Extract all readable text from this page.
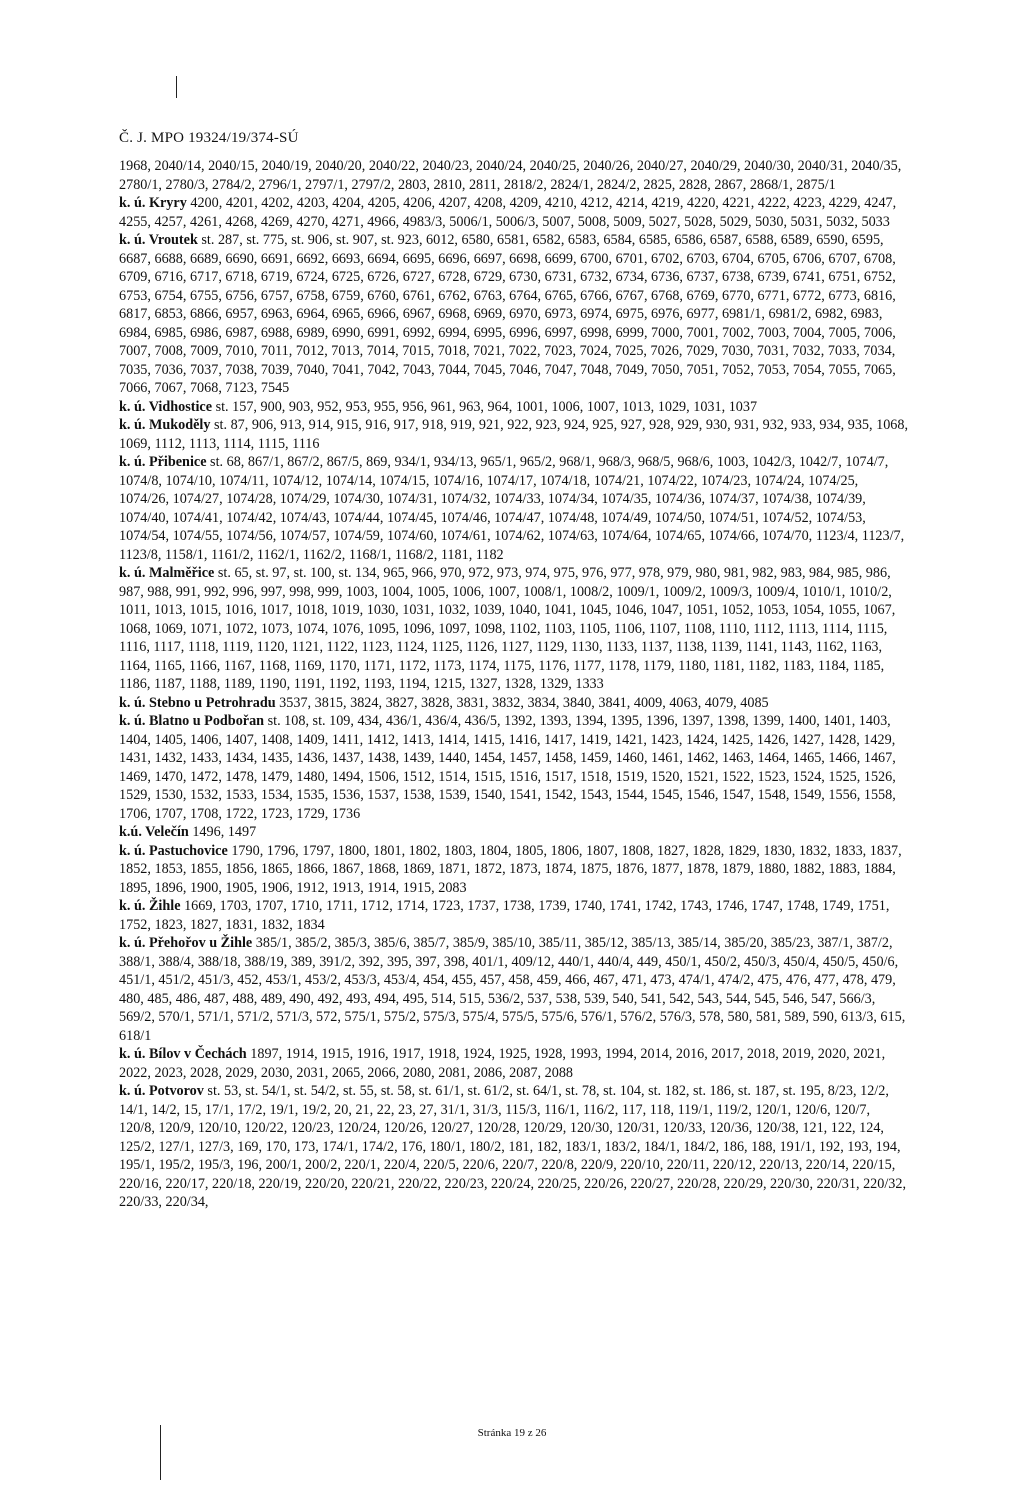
Č. J. MPO 19324/19/374-SÚ

1968, 2040/14, 2040/15, 2040/19, 2040/20, 2040/22, 2040/23, 2040/24, 2040/25, 2040/26, 2040/27, 2040/29, 2040/30, 2040/31, 2040/35, 2780/1, 2780/3, 2784/2, 2796/1, 2797/1, 2797/2, 2803, 2810, 2811, 2818/2, 2824/1, 2824/2, 2825, 2828, 2867, 2868/1, 2875/1

k. ú. Kryry 4200, 4201, 4202, 4203, 4204, 4205, 4206, 4207, 4208, 4209, 4210, 4212, 4214, 4219, 4220, 4221, 4222, 4223, 4229, 4247, 4255, 4257, 4261, 4268, 4269, 4270, 4271, 4966, 4983/3, 5006/1, 5006/3, 5007, 5008, 5009, 5027, 5028, 5029, 5030, 5031, 5032, 5033

k. ú. Vroutek st. 287, st. 775, st. 906, st. 907, st. 923, 6012, 6580, 6581, 6582, 6583, 6584, 6585, 6586, 6587, 6588, 6589, 6590, 6595, 6687, 6688, 6689, 6690, 6691, 6692, 6693, 6694, 6695, 6696, 6697, 6698, 6699, 6700, 6701, 6702, 6703, 6704, 6705, 6706, 6707, 6708, 6709, 6716, 6717, 6718, 6719, 6724, 6725, 6726, 6727, 6728, 6729, 6730, 6731, 6732, 6734, 6736, 6737, 6738, 6739, 6741, 6751, 6752, 6753, 6754, 6755, 6756, 6757, 6758, 6759, 6760, 6761, 6762, 6763, 6764, 6765, 6766, 6767, 6768, 6769, 6770, 6771, 6772, 6773, 6816, 6817, 6853, 6866, 6957, 6963, 6964, 6965, 6966, 6967, 6968, 6969, 6970, 6973, 6974, 6975, 6976, 6977, 6981/1, 6981/2, 6982, 6983, 6984, 6985, 6986, 6987, 6988, 6989, 6990, 6991, 6992, 6994, 6995, 6996, 6997, 6998, 6999, 7000, 7001, 7002, 7003, 7004, 7005, 7006, 7007, 7008, 7009, 7010, 7011, 7012, 7013, 7014, 7015, 7018, 7021, 7022, 7023, 7024, 7025, 7026, 7029, 7030, 7031, 7032, 7033, 7034, 7035, 7036, 7037, 7038, 7039, 7040, 7041, 7042, 7043, 7044, 7045, 7046, 7047, 7048, 7049, 7050, 7051, 7052, 7053, 7054, 7055, 7065, 7066, 7067, 7068, 7123, 7545

k. ú. Vidhostice st. 157, 900, 903, 952, 953, 955, 956, 961, 963, 964, 1001, 1006, 1007, 1013, 1029, 1031, 1037

k. ú. Mukoděly st. 87, 906, 913, 914, 915, 916, 917, 918, 919, 921, 922, 923, 924, 925, 927, 928, 929, 930, 931, 932, 933, 934, 935, 1068, 1069, 1112, 1113, 1114, 1115, 1116

k. ú. Přibenice st. 68, 867/1, 867/2, 867/5, 869, 934/1, 934/13, 965/1, 965/2, 968/1, 968/3, 968/5, 968/6, 1003, 1042/3, 1042/7, 1074/7, 1074/8, 1074/10, 1074/11, 1074/12, 1074/14, 1074/15, 1074/16, 1074/17, 1074/18, 1074/21, 1074/22, 1074/23, 1074/24, 1074/25, 1074/26, 1074/27, 1074/28, 1074/29, 1074/30, 1074/31, 1074/32, 1074/33, 1074/34, 1074/35, 1074/36, 1074/37, 1074/38, 1074/39, 1074/40, 1074/41, 1074/42, 1074/43, 1074/44, 1074/45, 1074/46, 1074/47, 1074/48, 1074/49, 1074/50, 1074/51, 1074/52, 1074/53, 1074/54, 1074/55, 1074/56, 1074/57, 1074/59, 1074/60, 1074/61, 1074/62, 1074/63, 1074/64, 1074/65, 1074/66, 1074/70, 1123/4, 1123/7, 1123/8, 1158/1, 1161/2, 1162/1, 1162/2, 1168/1, 1168/2, 1181, 1182

k. ú. Malměřice st. 65, st. 97, st. 100, st. 134, 965, 966, 970, 972, 973, 974, 975, 976, 977, 978, 979, 980, 981, 982, 983, 984, 985, 986, 987, 988, 991, 992, 996, 997, 998, 999, 1003, 1004, 1005, 1006, 1007, 1008/1, 1008/2, 1009/1, 1009/2, 1009/3, 1009/4, 1010/1, 1010/2, 1011, 1013, 1015, 1016, 1017, 1018, 1019, 1030, 1031, 1032, 1039, 1040, 1041, 1045, 1046, 1047, 1051, 1052, 1053, 1054, 1055, 1067, 1068, 1069, 1071, 1072, 1073, 1074, 1076, 1095, 1096, 1097, 1098, 1102, 1103, 1105, 1106, 1107, 1108, 1110, 1112, 1113, 1114, 1115, 1116, 1117, 1118, 1119, 1120, 1121, 1122, 1123, 1124, 1125, 1126, 1127, 1129, 1130, 1133, 1137, 1138, 1139, 1141, 1143, 1162, 1163, 1164, 1165, 1166, 1167, 1168, 1169, 1170, 1171, 1172, 1173, 1174, 1175, 1176, 1177, 1178, 1179, 1180, 1181, 1182, 1183, 1184, 1185, 1186, 1187, 1188, 1189, 1190, 1191, 1192, 1193, 1194, 1215, 1327, 1328, 1329, 1333

k. ú. Stebno u Petrohradu 3537, 3815, 3824, 3827, 3828, 3831, 3832, 3834, 3840, 3841, 4009, 4063, 4079, 4085

k. ú. Blatno u Podbořan st. 108, st. 109, 434, 436/1, 436/4, 436/5, 1392, 1393, 1394, 1395, 1396, 1397, 1398, 1399, 1400, 1401, 1403, 1404, 1405, 1406, 1407, 1408, 1409, 1411, 1412, 1413, 1414, 1415, 1416, 1417, 1419, 1421, 1423, 1424, 1425, 1426, 1427, 1428, 1429, 1431, 1432, 1433, 1434, 1435, 1436, 1437, 1438, 1439, 1440, 1454, 1457, 1458, 1459, 1460, 1461, 1462, 1463, 1464, 1465, 1466, 1467, 1469, 1470, 1472, 1478, 1479, 1480, 1494, 1506, 1512, 1514, 1515, 1516, 1517, 1518, 1519, 1520, 1521, 1522, 1523, 1524, 1525, 1526, 1529, 1530, 1532, 1533, 1534, 1535, 1536, 1537, 1538, 1539, 1540, 1541, 1542, 1543, 1544, 1545, 1546, 1547, 1548, 1549, 1556, 1558, 1706, 1707, 1708, 1722, 1723, 1729, 1736

k.ú. Velečín 1496, 1497

k. ú. Pastuchovice 1790, 1796, 1797, 1800, 1801, 1802, 1803, 1804, 1805, 1806, 1807, 1808, 1827, 1828, 1829, 1830, 1832, 1833, 1837, 1852, 1853, 1855, 1856, 1865, 1866, 1867, 1868, 1869, 1871, 1872, 1873, 1874, 1875, 1876, 1877, 1878, 1879, 1880, 1882, 1883, 1884, 1895, 1896, 1900, 1905, 1906, 1912, 1913, 1914, 1915, 2083

k. ú. Žihle 1669, 1703, 1707, 1710, 1711, 1712, 1714, 1723, 1737, 1738, 1739, 1740, 1741, 1742, 1743, 1746, 1747, 1748, 1749, 1751, 1752, 1823, 1827, 1831, 1832, 1834

k. ú. Přehořov u Žihle 385/1, 385/2, 385/3, 385/6, 385/7, 385/9, 385/10, 385/11, 385/12, 385/13, 385/14, 385/20, 385/23, 387/1, 387/2, 388/1, 388/4, 388/18, 388/19, 389, 391/2, 392, 395, 397, 398, 401/1, 409/12, 440/1, 440/4, 449, 450/1, 450/2, 450/3, 450/4, 450/5, 450/6, 451/1, 451/2, 451/3, 452, 453/1, 453/2, 453/3, 453/4, 454, 455, 457, 458, 459, 466, 467, 471, 473, 474/1, 474/2, 475, 476, 477, 478, 479, 480, 485, 486, 487, 488, 489, 490, 492, 493, 494, 495, 514, 515, 536/2, 537, 538, 539, 540, 541, 542, 543, 544, 545, 546, 547, 566/3, 569/2, 570/1, 571/1, 571/2, 571/3, 572, 575/1, 575/2, 575/3, 575/4, 575/5, 575/6, 576/1, 576/2, 576/3, 578, 580, 581, 589, 590, 613/3, 615, 618/1

k. ú. Bílov v Čechách 1897, 1914, 1915, 1916, 1917, 1918, 1924, 1925, 1928, 1993, 1994, 2014, 2016, 2017, 2018, 2019, 2020, 2021, 2022, 2023, 2028, 2029, 2030, 2031, 2065, 2066, 2080, 2081, 2086, 2087, 2088

k. ú. Potvorov st. 53, st. 54/1, st. 54/2, st. 55, st. 58, st. 61/1, st. 61/2, st. 64/1, st. 78, st. 104, st. 182, st. 186, st. 187, st. 195, 8/23, 12/2, 14/1, 14/2, 15, 17/1, 17/2, 19/1, 19/2, 20, 21, 22, 23, 27, 31/1, 31/3, 115/3, 116/1, 116/2, 117, 118, 119/1, 119/2, 120/1, 120/6, 120/7, 120/8, 120/9, 120/10, 120/22, 120/23, 120/24, 120/26, 120/27, 120/28, 120/29, 120/30, 120/31, 120/33, 120/36, 120/38, 121, 122, 124, 125/2, 127/1, 127/3, 169, 170, 173, 174/1, 174/2, 176, 180/1, 180/2, 181, 182, 183/1, 183/2, 184/1, 184/2, 186, 188, 191/1, 192, 193, 194, 195/1, 195/2, 195/3, 196, 200/1, 200/2, 220/1, 220/4, 220/5, 220/6, 220/7, 220/8, 220/9, 220/10, 220/11, 220/12, 220/13, 220/14, 220/15, 220/16, 220/17, 220/18, 220/19, 220/20, 220/21, 220/22, 220/23, 220/24, 220/25, 220/26, 220/27, 220/28, 220/29, 220/30, 220/31, 220/32, 220/33, 220/34,

Stránka 19 z 26
